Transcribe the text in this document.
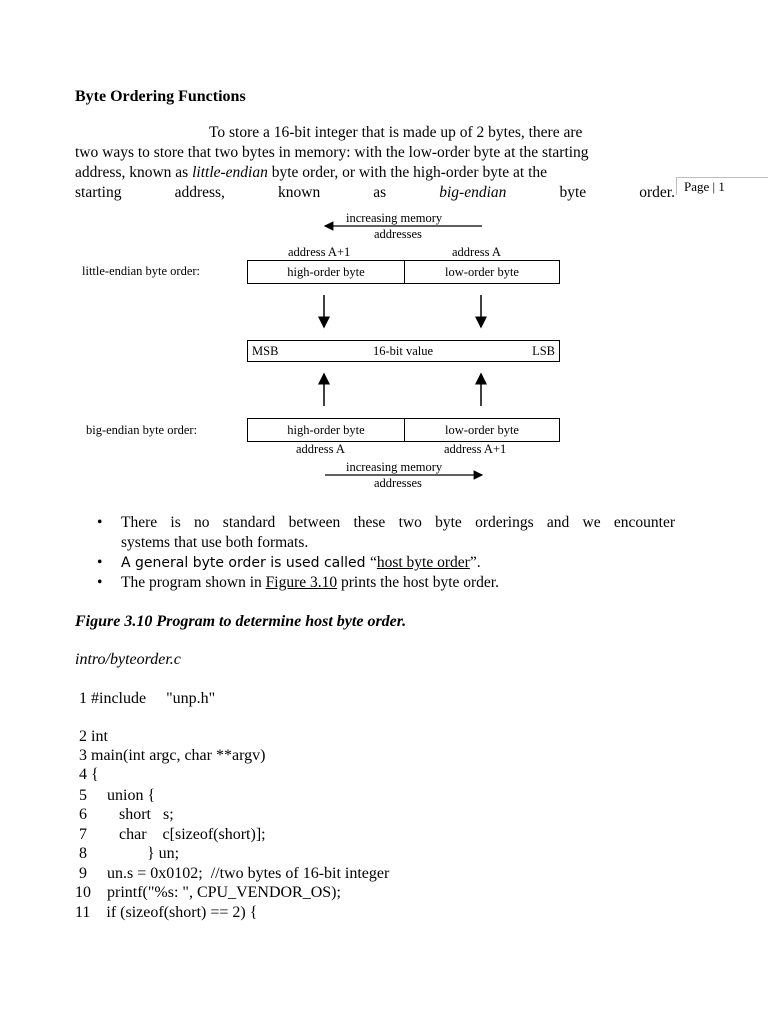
Byte Ordering Functions
To store a 16-bit integer that is made up of 2 bytes, there are
two ways to store that two bytes in memory: with the low-order byte at the starting
address, known as little-endian byte order, or with the high-order byte at the
starting	address,	known	as	big-endian	byte	order. Page | 1
increasing memory
addresses
address A+1	address A
little-endian byte order:	high-order byte	low-order byte
MSB	16-bit value	LSB
big-endian byte order:	high-order byte	low-order byte
address A	address A+1
increasing memory
addresses
• There is no standard between these two byte orderings and we encounter
systems that use both formats.
• A general byte order is used called “host byte order”.
• The program shown in Figure 3.10 prints the host byte order.
Figure 3.10 Program to determine host byte order.
intro/byteorder.c
1 #include     "unp.h"
2 int
3 main(int argc, char **argv)
4 {
5     union {
6        short   s;
7        char    c[sizeof(short)];
8               } un;
9     un.s = 0x0102;  //two bytes of 16-bit integer
10    printf("%s: ", CPU_VENDOR_OS);
11    if (sizeof(short) == 2) {
